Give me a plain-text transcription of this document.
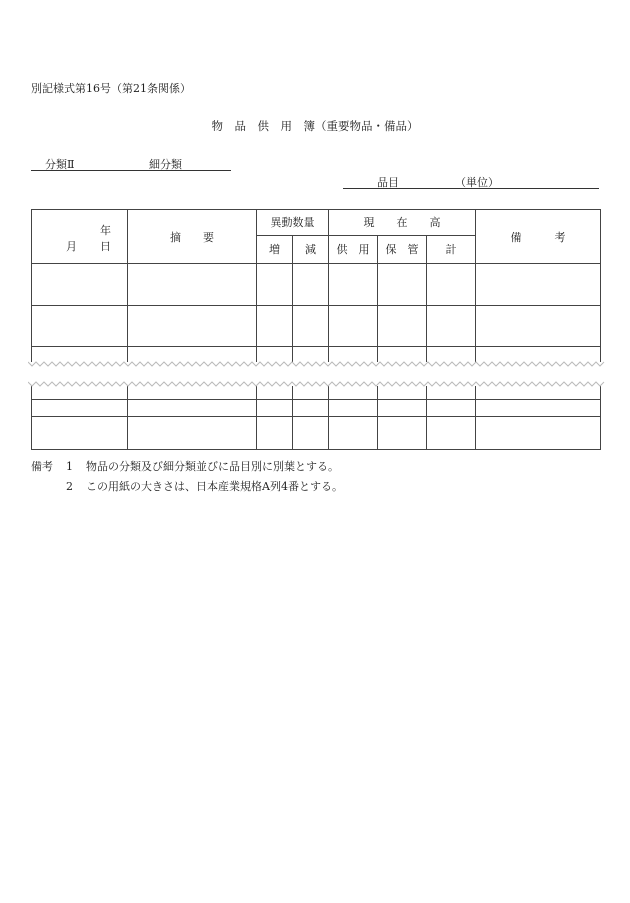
別記様式第16号（第21条関係）
物　品　供　用　簿（重要物品・備品）
分類Ⅱ	細分類
品目	（単位）
年
月 日	摘　　要	異動数量		現　　在　　高			備　　　考
		増	減	供　用	保　管	計	

備考 1 物品の分類及び細分類並びに品目別に別葉とする。
2 この用紙の大きさは、日本産業規格A列4番とする。
